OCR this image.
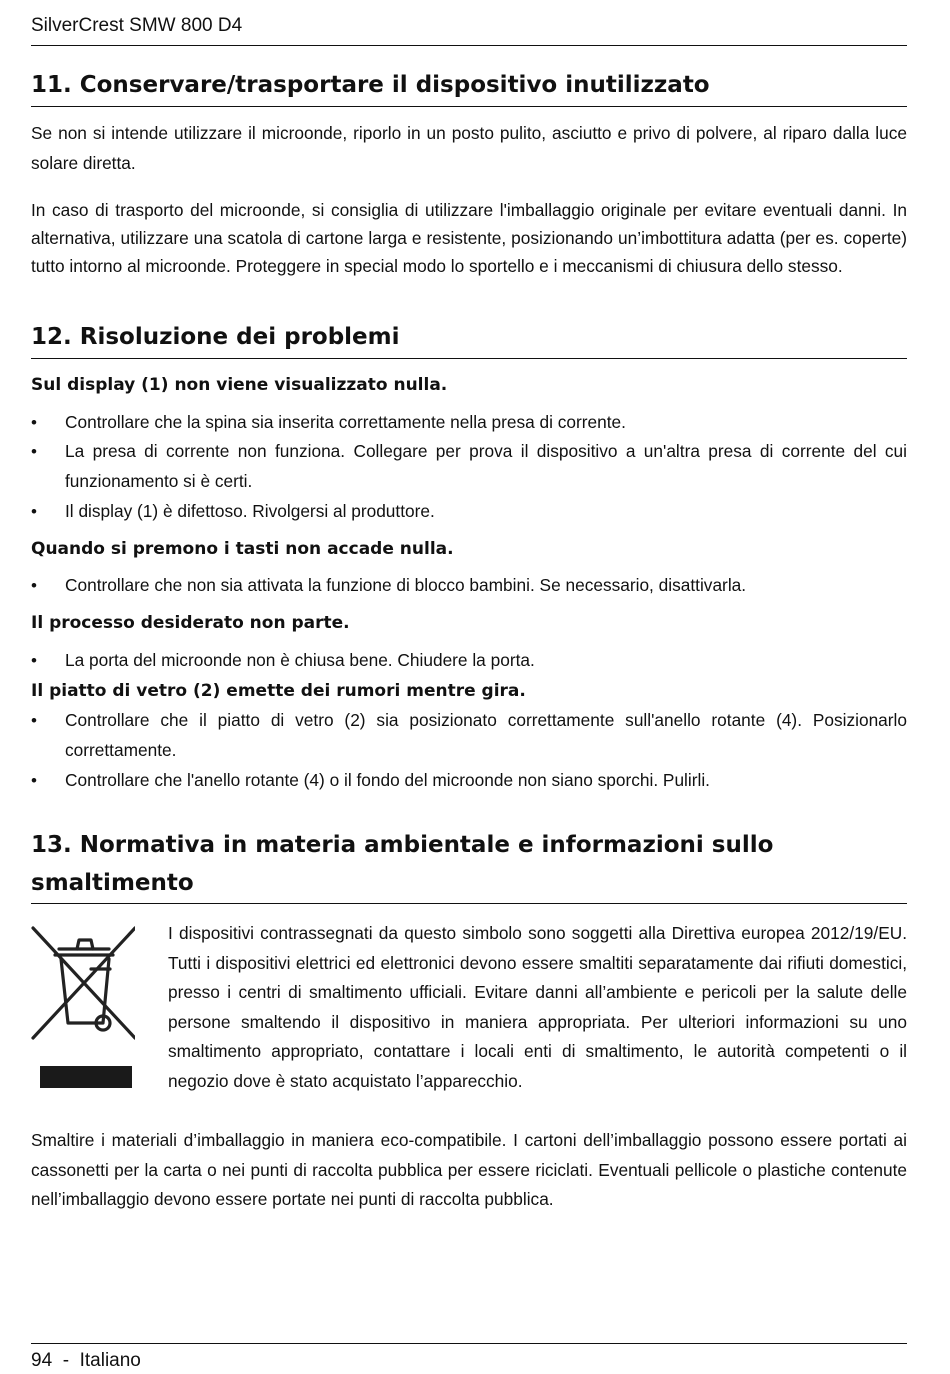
SilverCrest SMW 800 D4
11. Conservare/trasportare il dispositivo inutilizzato

Se non si intende utilizzare il microonde, riporlo in un posto pulito, asciutto e privo di polvere, al riparo dalla luce solare diretta.

In caso di trasporto del microonde, si consiglia di utilizzare l'imballaggio originale per evitare eventuali danni. In alternativa, utilizzare una scatola di cartone larga e resistente, posizionando un’imbottitura adatta (per es. coperte) tutto intorno al microonde. Proteggere in special modo lo sportello e i meccanismi di chiusura dello stesso.

12. Risoluzione dei problemi
Sul display (1) non viene visualizzato nulla.
•	Controllare che la spina sia inserita correttamente nella presa di corrente.
•	La presa di corrente non funziona. Collegare per prova il dispositivo a un'altra presa di corrente del cui funzionamento si è certi.
•	Il display (1) è difettoso. Rivolgersi al produttore.
Quando si premono i tasti non accade nulla.
•	Controllare che non sia attivata la funzione di blocco bambini. Se necessario, disattivarla.
Il processo desiderato non parte.
•	La porta del microonde non è chiusa bene. Chiudere la porta.
Il piatto di vetro (2) emette dei rumori mentre gira.
•	Controllare che il piatto di vetro (2) sia posizionato correttamente sull'anello rotante (4). Posizionarlo correttamente.
•	Controllare che l'anello rotante (4) o il fondo del microonde non siano sporchi. Pulirli.
13. Normativa in materia ambientale e informazioni sullo
smaltimento

I dispositivi contrassegnati da questo simbolo sono soggetti alla Direttiva europea 2012/19/EU. Tutti i dispositivi elettrici ed elettronici devono essere smaltiti separatamente dai rifiuti domestici, presso i centri di smaltimento ufficiali. Evitare danni all’ambiente e pericoli per la salute delle persone smaltendo il dispositivo in maniera appropriata. Per ulteriori informazioni su uno smaltimento appropriato, contattare i locali enti di smaltimento, le autorità competenti o il negozio dove è stato acquistato l’apparecchio.

Smaltire i materiali d’imballaggio in maniera eco-compatibile. I cartoni dell’imballaggio possono essere portati ai cassonetti per la carta o nei punti di raccolta pubblica per essere riciclati. Eventuali pellicole o plastiche contenute nell’imballaggio devono essere portate nei punti di raccolta pubblica.

94 - Italiano
